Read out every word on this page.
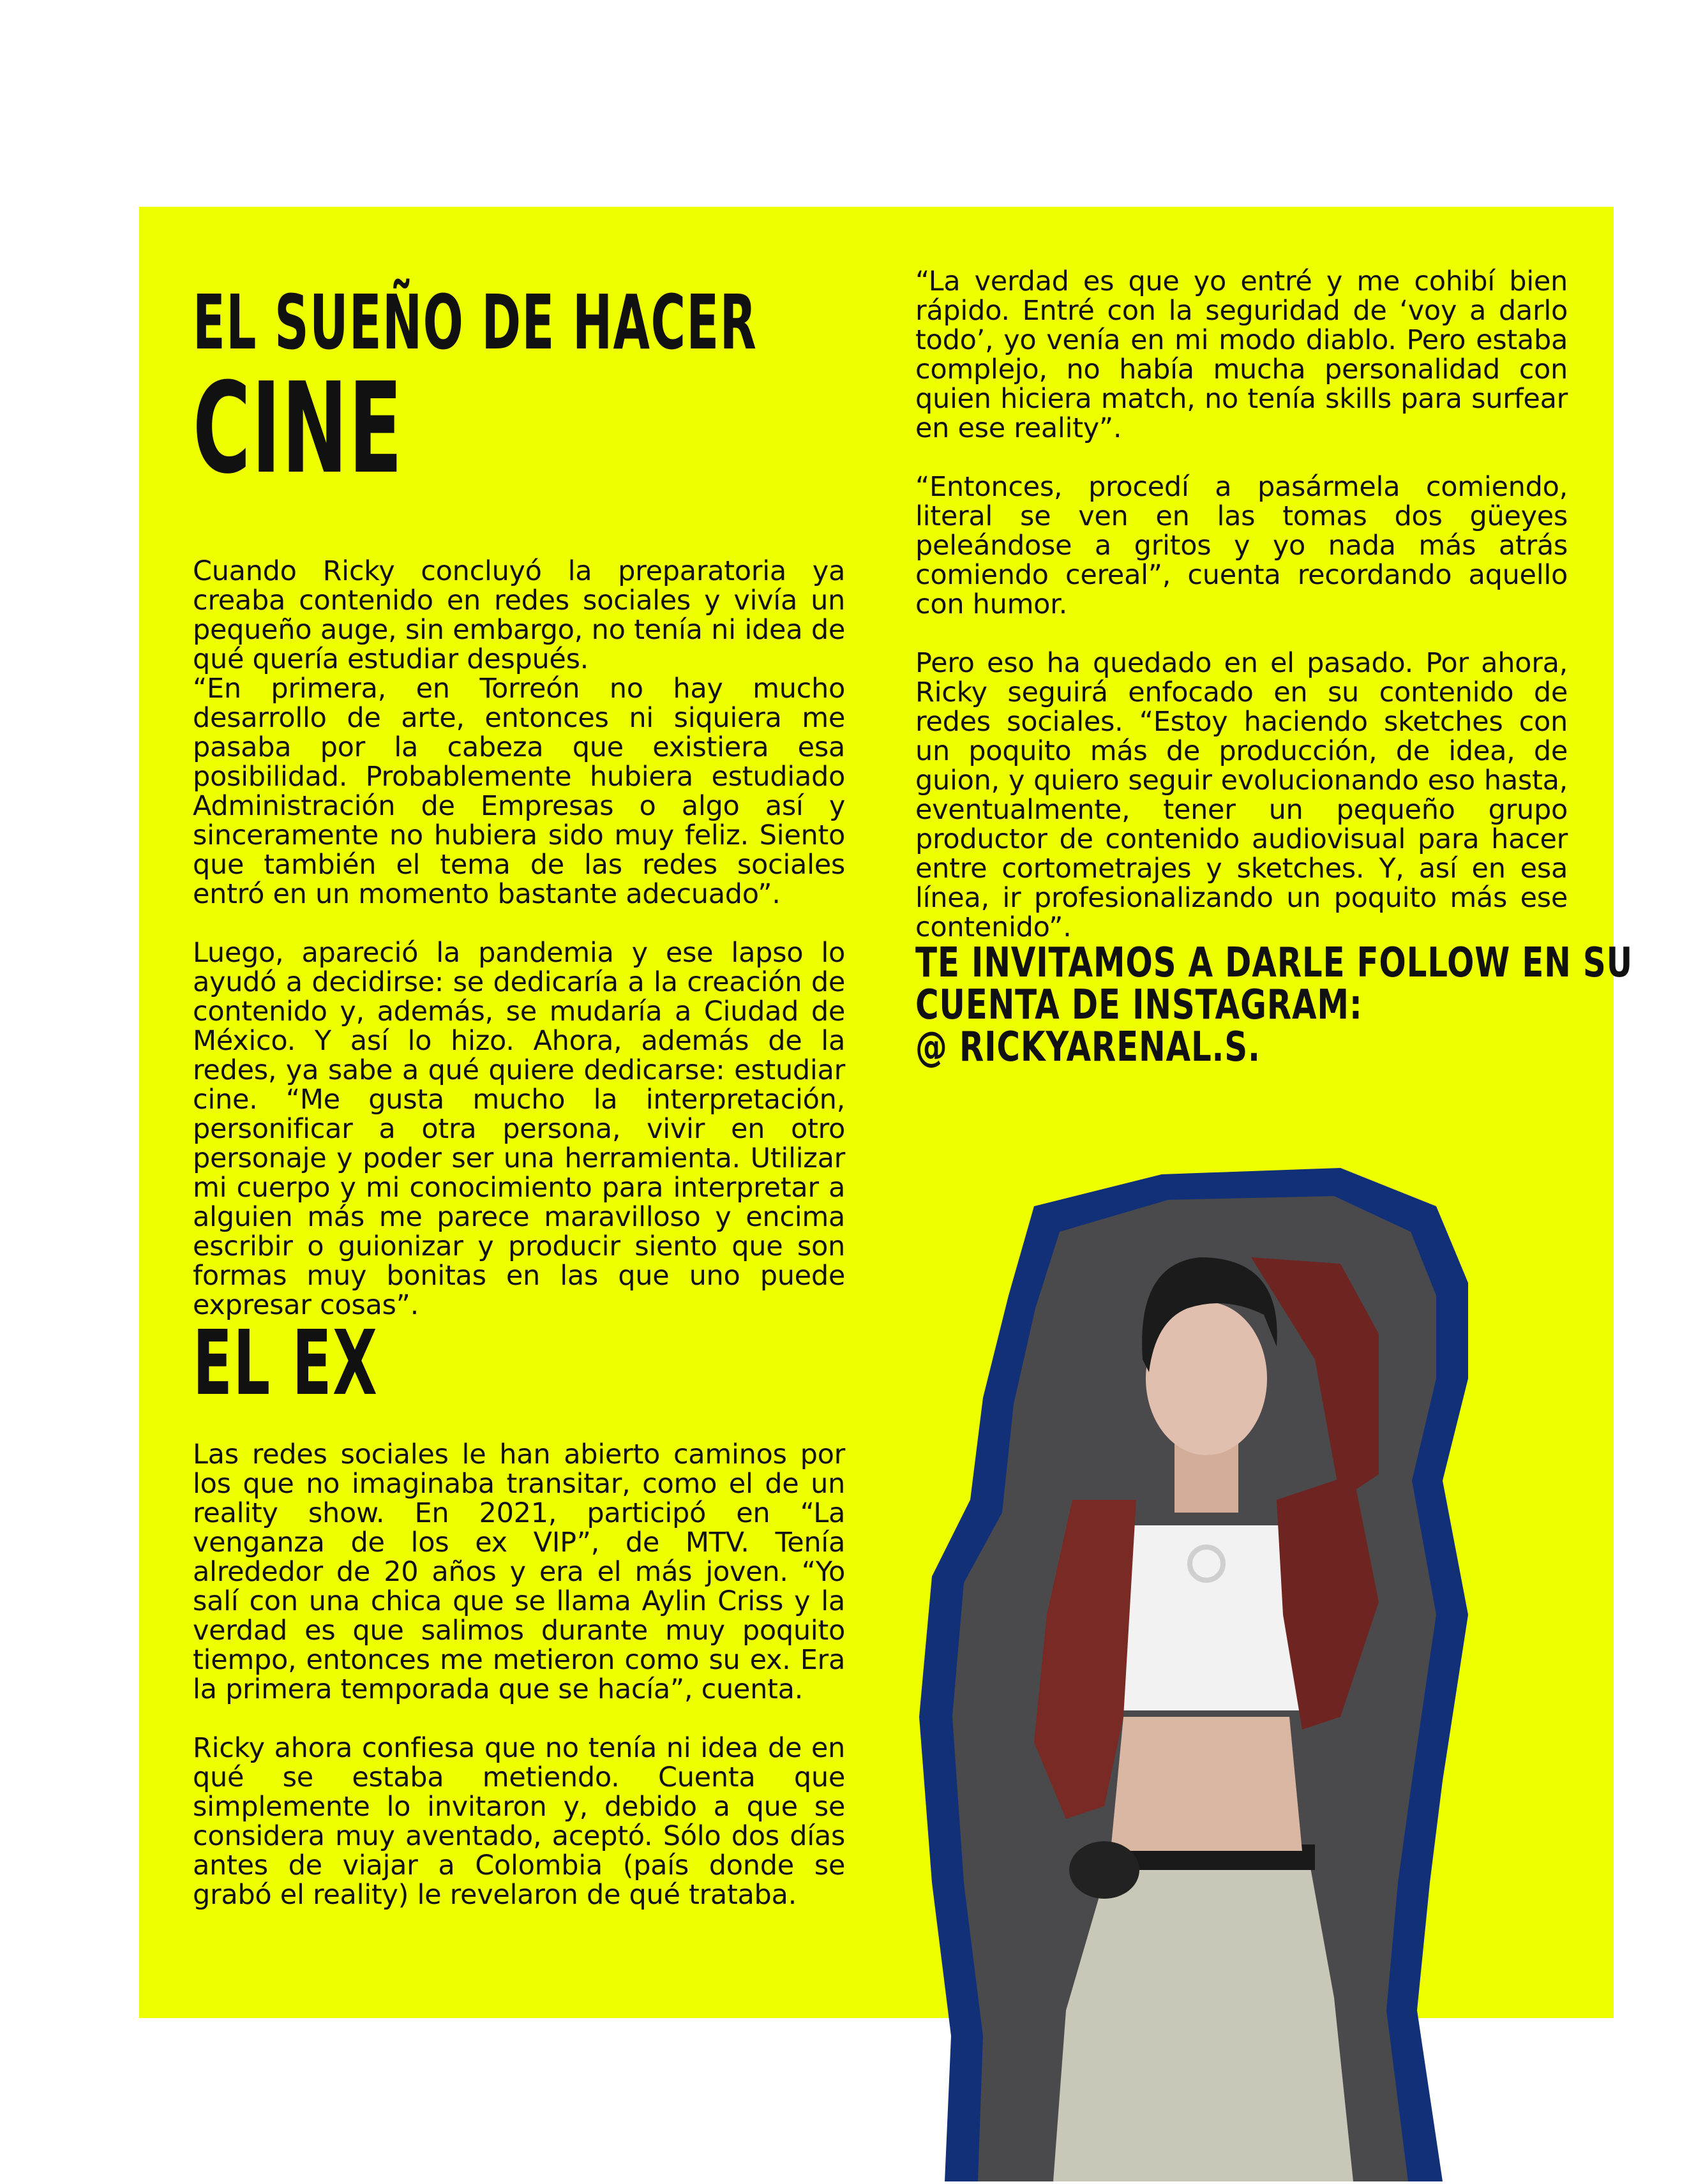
EL SUEÑO DE HACER
CINE

Cuando Ricky concluyó la preparatoria ya creaba contenido en redes sociales y vivía un pequeño auge, sin embargo, no tenía ni idea de qué quería estudiar después.

“En primera, en Torreón no hay mucho desarrollo de arte, entonces ni siquiera me pasaba por la cabeza que existiera esa posibilidad. Probablemente hubiera estudiado Administración de Empresas o algo así y sinceramente no hubiera sido muy feliz. Siento que también el tema de las redes sociales entró en un momento bastante adecuado”.

Luego, apareció la pandemia y ese lapso lo ayudó a decidirse: se dedicaría a la creación de contenido y, además, se mudaría a Ciudad de México. Y así lo hizo. Ahora, además de la redes, ya sabe a qué quiere dedicarse: estudiar cine. “Me gusta mucho la interpretación, personificar a otra persona, vivir en otro personaje y poder ser una herramienta. Utilizar mi cuerpo y mi conocimiento para interpretar a alguien más me parece maravilloso y encima escribir o guionizar y producir siento que son formas muy bonitas en las que uno puede expresar cosas”.

EL EX

Las redes sociales le han abierto caminos por los que no imaginaba transitar, como el de un reality show. En 2021, participó en “La venganza de los ex VIP”, de MTV. Tenía alrededor de 20 años y era el más joven. “Yo salí con una chica que se llama Aylin Criss y la verdad es que salimos durante muy poquito tiempo, entonces me metieron como su ex. Era la primera temporada que se hacía”, cuenta.

Ricky ahora confiesa que no tenía ni idea de en qué se estaba metiendo. Cuenta que simplemente lo invitaron y, debido a que se considera muy aventado, aceptó. Sólo dos días antes de viajar a Colombia (país donde se grabó el reality) le revelaron de qué trataba.

“La verdad es que yo entré y me cohibí bien rápido. Entré con la seguridad de ‘voy a darlo todo’, yo venía en mi modo diablo. Pero estaba complejo, no había mucha personalidad con quien hiciera match, no tenía skills para surfear en ese reality”.

“Entonces, procedí a pasármela comiendo, literal se ven en las tomas dos güeyes peleándose a gritos y yo nada más atrás comiendo cereal”, cuenta recordando aquello con humor.

Pero eso ha quedado en el pasado. Por ahora, Ricky seguirá enfocado en su contenido de redes sociales. “Estoy haciendo sketches con un poquito más de producción, de idea, de guion, y quiero seguir evolucionando eso hasta, eventualmente, tener un pequeño grupo productor de contenido audiovisual para hacer entre cortometrajes y sketches. Y, así en esa línea, ir profesionalizando un poquito más ese contenido”.

TE INVITAMOS A DARLE FOLLOW EN SU
CUENTA DE INSTAGRAM:
@ RICKYARENAL.S.
